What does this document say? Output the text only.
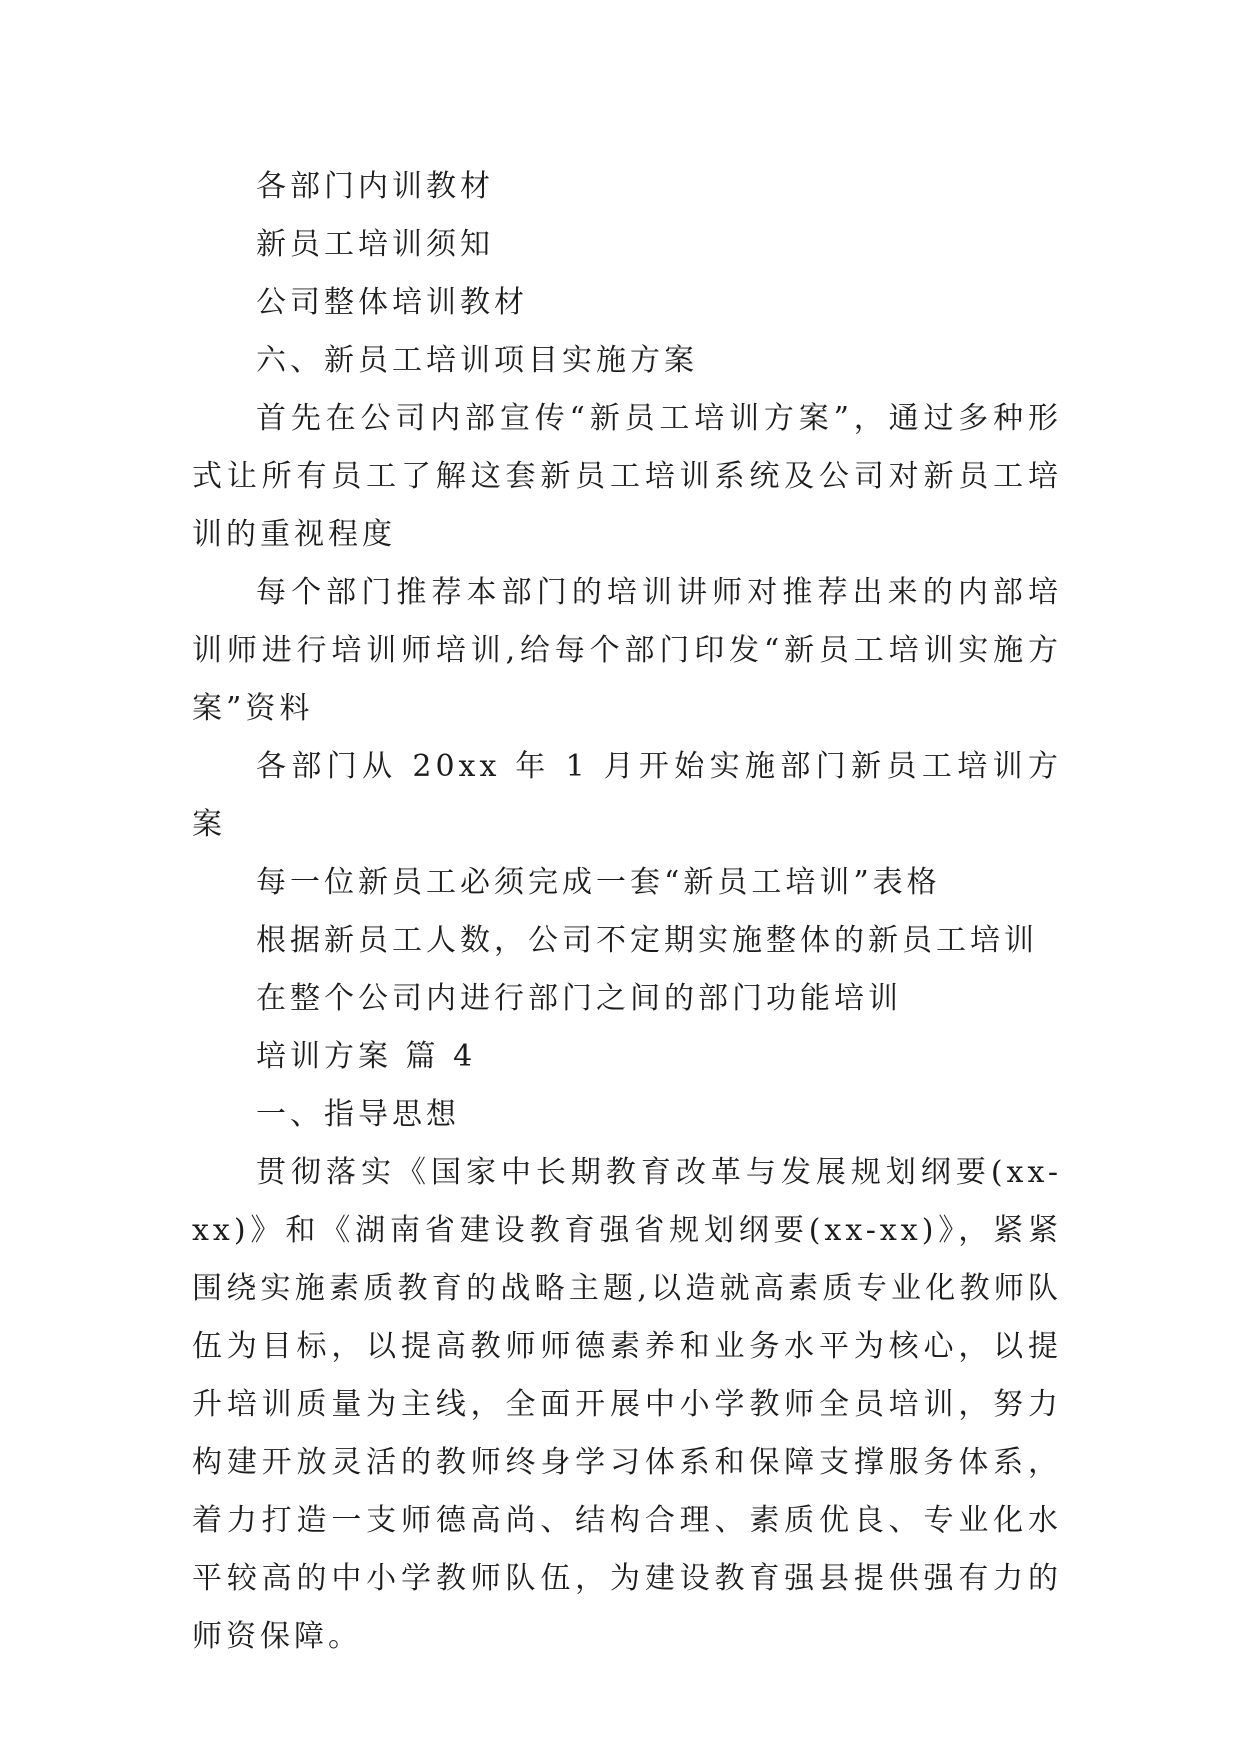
各部门内训教材

新员工培训须知

公司整体培训教材

六、新员工培训项目实施方案

首先在公司内部宣传“新员工培训方案”，通过多种形式让所有员工了解这套新员工培训系统及公司对新员工培训的重视程度

每个部门推荐本部门的培训讲师对推荐出来的内部培训师进行培训师培训,给每个部门印发“新员工培训实施方案”资料

各部门从 20xx 年 1 月开始实施部门新员工培训方案

每一位新员工必须完成一套“新员工培训”表格

根据新员工人数，公司不定期实施整体的新员工培训

在整个公司内进行部门之间的部门功能培训

培训方案 篇 4

一、指导思想

贯彻落实《国家中长期教育改革与发展规划纲要(xx-xx)》和《湖南省建设教育强省规划纲要(xx-xx)》，紧紧围绕实施素质教育的战略主题,以造就高素质专业化教师队伍为目标，以提高教师师德素养和业务水平为核心，以提升培训质量为主线，全面开展中小学教师全员培训，努力构建开放灵活的教师终身学习体系和保障支撑服务体系，着力打造一支师德高尚、结构合理、素质优良、专业化水平较高的中小学教师队伍，为建设教育强县提供强有力的师资保障。
